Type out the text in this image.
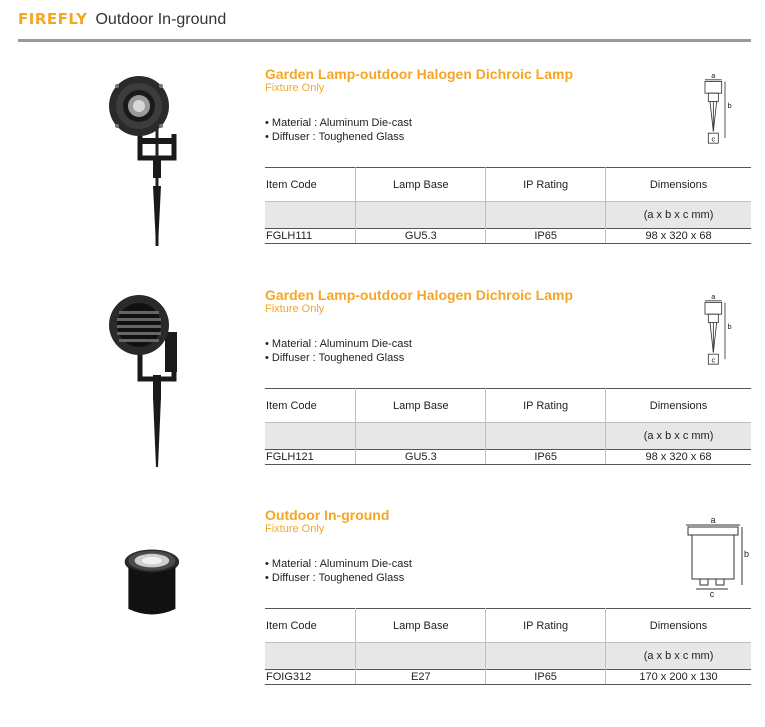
FIREFLY Outdoor In-ground
Garden Lamp-outdoor Halogen Dichroic Lamp
Fixture Only
• Material : Aluminum Die-cast
• Diffuser : Toughened Glass
a
b
c
Item Code	Lamp Base	IP Rating	Dimensions
			(a x b x c mm)
FGLH111	GU5.3	IP65	98 x 320 x 68
Garden Lamp-outdoor Halogen Dichroic Lamp
Fixture Only
• Material : Aluminum Die-cast
• Diffuser : Toughened Glass
a
b
c
Item Code	Lamp Base	IP Rating	Dimensions
			(a x b x c mm)
FGLH121	GU5.3	IP65	98 x 320 x 68
Outdoor In-ground
Fixture Only
• Material : Aluminum Die-cast
• Diffuser : Toughened Glass
a
b
c
Item Code	Lamp Base	IP Rating	Dimensions
			(a x b x c mm)
FOIG312	E27	IP65	170 x 200 x 130
